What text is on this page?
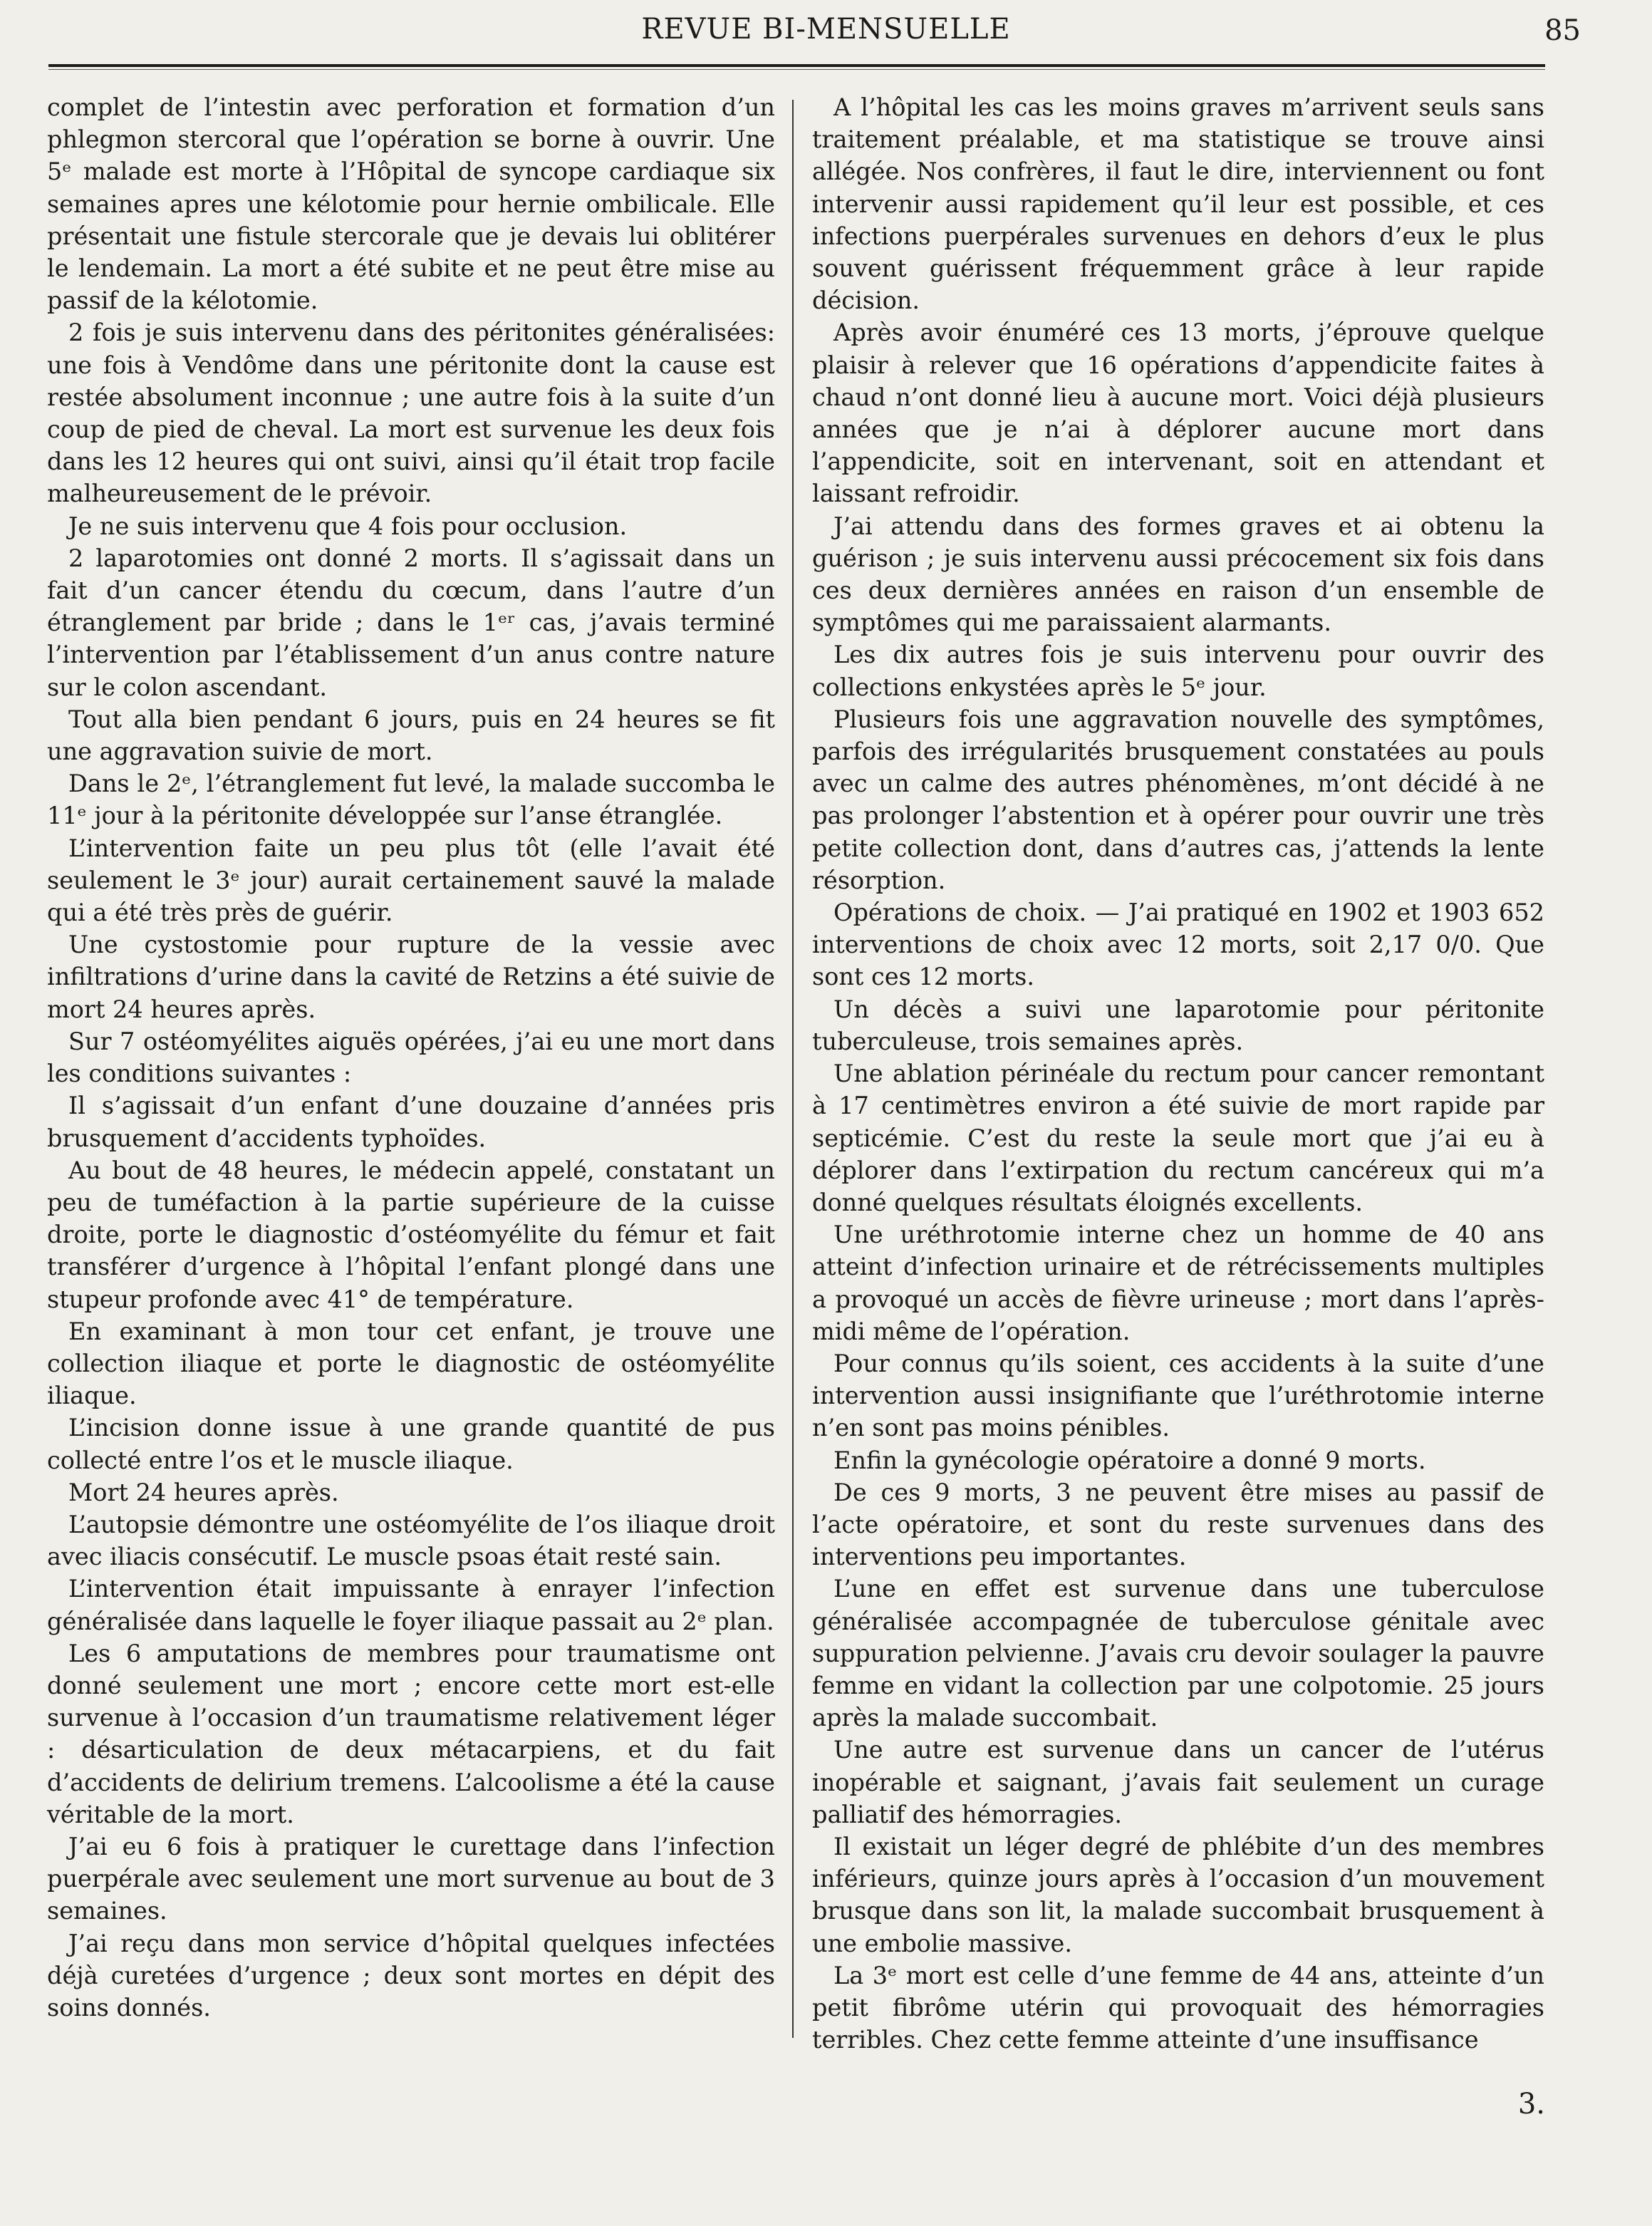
REVUE BI-MENSUELLE	85

complet de l’intestin avec perforation et formation d’un phlegmon stercoral que l’opération se borne à ouvrir. Une 5ᵉ malade est morte à l’Hôpital de syncope cardiaque six semaines apres une kélotomie pour hernie ombilicale. Elle présentait une fistule stercorale que je devais lui oblitérer le lendemain. La mort a été subite et ne peut être mise au passif de la kélotomie.

2 fois je suis intervenu dans des péritonites généralisées: une fois à Vendôme dans une péritonite dont la cause est restée absolument inconnue ; une autre fois à la suite d’un coup de pied de cheval. La mort est survenue les deux fois dans les 12 heures qui ont suivi, ainsi qu’il était trop facile malheureusement de le prévoir.

Je ne suis intervenu que 4 fois pour occlusion.

2 laparotomies ont donné 2 morts. Il s’agissait dans un fait d’un cancer étendu du cœcum, dans l’autre d’un étranglement par bride ; dans le 1ᵉʳ cas, j’avais terminé l’intervention par l’établissement d’un anus contre nature sur le colon ascendant.

Tout alla bien pendant 6 jours, puis en 24 heures se fit une aggravation suivie de mort.

Dans le 2ᵉ, l’étranglement fut levé, la malade succomba le 11ᵉ jour à la péritonite développée sur l’anse étranglée.

L’intervention faite un peu plus tôt (elle l’avait été seulement le 3ᵉ jour) aurait certainement sauvé la malade qui a été très près de guérir.

Une cystostomie pour rupture de la vessie avec infiltrations d’urine dans la cavité de Retzins a été suivie de mort 24 heures après.

Sur 7 ostéomyélites aiguës opérées, j’ai eu une mort dans les conditions suivantes :

Il s’agissait d’un enfant d’une douzaine d’années pris brusquement d’accidents typhoïdes.

Au bout de 48 heures, le médecin appelé, constatant un peu de tuméfaction à la partie supérieure de la cuisse droite, porte le diagnostic d’ostéomyélite du fémur et fait transférer d’urgence à l’hôpital l’enfant plongé dans une stupeur profonde avec 41° de température.

En examinant à mon tour cet enfant, je trouve une collection iliaque et porte le diagnostic de ostéomyélite iliaque.

L’incision donne issue à une grande quantité de pus collecté entre l’os et le muscle iliaque.

Mort 24 heures après.

L’autopsie démontre une ostéomyélite de l’os iliaque droit avec iliacis consécutif. Le muscle psoas était resté sain.

L’intervention était impuissante à enrayer l’infection généralisée dans laquelle le foyer iliaque passait au 2ᵉ plan.

Les 6 amputations de membres pour traumatisme ont donné seulement une mort ; encore cette mort est-elle survenue à l’occasion d’un traumatisme relativement léger : désarticulation de deux métacarpiens, et du fait d’accidents de delirium tremens. L’alcoolisme a été la cause véritable de la mort.

J’ai eu 6 fois à pratiquer le curettage dans l’infection puerpérale avec seulement une mort survenue au bout de 3 semaines.

J’ai reçu dans mon service d’hôpital quelques infectées déjà curetées d’urgence ; deux sont mortes en dépit des soins donnés.

A l’hôpital les cas les moins graves m’arrivent seuls sans traitement préalable, et ma statistique se trouve ainsi allégée. Nos confrères, il faut le dire, interviennent ou font intervenir aussi rapidement qu’il leur est possible, et ces infections puerpérales survenues en dehors d’eux le plus souvent guérissent fréquemment grâce à leur rapide décision.

Après avoir énuméré ces 13 morts, j’éprouve quelque plaisir à relever que 16 opérations d’appendicite faites à chaud n’ont donné lieu à aucune mort. Voici déjà plusieurs années que je n’ai à déplorer aucune mort dans l’appendicite, soit en intervenant, soit en attendant et laissant refroidir.

J’ai attendu dans des formes graves et ai obtenu la guérison ; je suis intervenu aussi précocement six fois dans ces deux dernières années en raison d’un ensemble de symptômes qui me paraissaient alarmants.

Les dix autres fois je suis intervenu pour ouvrir des collections enkystées après le 5ᵉ jour.

Plusieurs fois une aggravation nouvelle des symptômes, parfois des irrégularités brusquement constatées au pouls avec un calme des autres phénomènes, m’ont décidé à ne pas prolonger l’abstention et à opérer pour ouvrir une très petite collection dont, dans d’autres cas, j’attends la lente résorption.

Opérations de choix. — J’ai pratiqué en 1902 et 1903 652 interventions de choix avec 12 morts, soit 2,17 0/0. Que sont ces 12 morts.

Un décès a suivi une laparotomie pour péritonite tuberculeuse, trois semaines après.

Une ablation périnéale du rectum pour cancer remontant à 17 centimètres environ a été suivie de mort rapide par septicémie. C’est du reste la seule mort que j’ai eu à déplorer dans l’extirpation du rectum cancéreux qui m’a donné quelques résultats éloignés excellents.

Une uréthrotomie interne chez un homme de 40 ans atteint d’infection urinaire et de rétrécissements multiples a provoqué un accès de fièvre urineuse ; mort dans l’après-midi même de l’opération.

Pour connus qu’ils soient, ces accidents à la suite d’une intervention aussi insignifiante que l’uréthrotomie interne n’en sont pas moins pénibles.

Enfin la gynécologie opératoire a donné 9 morts.

De ces 9 morts, 3 ne peuvent être mises au passif de l’acte opératoire, et sont du reste survenues dans des interventions peu importantes.

L’une en effet est survenue dans une tuberculose généralisée accompagnée de tuberculose génitale avec suppuration pelvienne. J’avais cru devoir soulager la pauvre femme en vidant la collection par une colpotomie. 25 jours après la malade succombait.

Une autre est survenue dans un cancer de l’utérus inopérable et saignant, j’avais fait seulement un curage palliatif des hémorragies.

Il existait un léger degré de phlébite d’un des membres inférieurs, quinze jours après à l’occasion d’un mouvement brusque dans son lit, la malade succombait brusquement à une embolie massive.

La 3ᵉ mort est celle d’une femme de 44 ans, atteinte d’un petit fibrôme utérin qui provoquait des hémorragies terribles. Chez cette femme atteinte d’une insuffisance

3.
